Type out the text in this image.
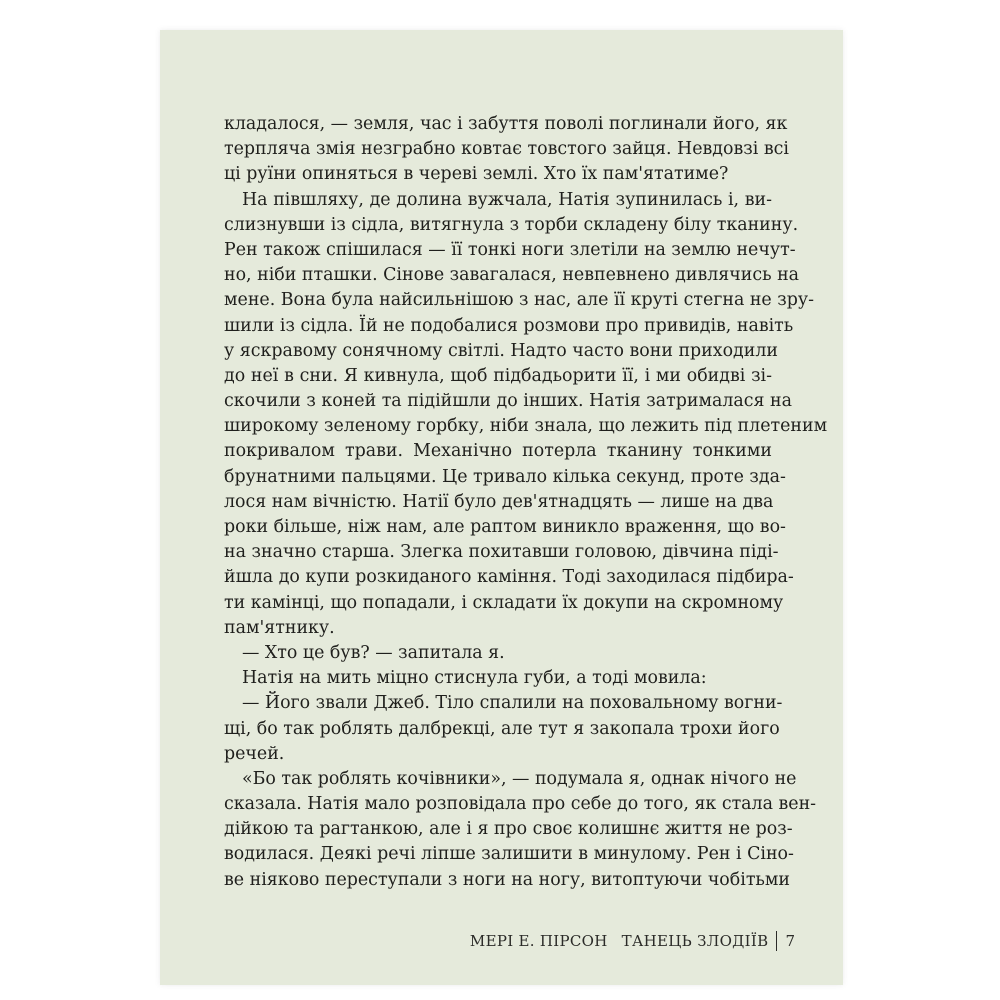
кладалося, — земля, час і забуття поволі поглинали його, як
терпляча змія незграбно ковтає товстого зайця. Невдовзі всі
ці руїни опиняться в череві землі. Хто їх пам'ятатиме?
На півшляху, де долина вужчала, Натія зупинилась і, ви-
слизнувши із сідла, витягнула з торби складену білу тканину.
Рен також спішилася — її тонкі ноги злетіли на землю нечут-
но, ніби пташки. Сінове завагалася, невпевнено дивлячись на
мене. Вона була найсильнішою з нас, але її круті стегна не зру-
шили із сідла. Їй не подобалися розмови про привидів, навіть
у яскравому сонячному світлі. Надто часто вони приходили
до неї в сни. Я кивнула, щоб підбадьорити її, і ми обидві зі-
скочили з коней та підійшли до інших. Натія затрималася на
широкому зеленому горбку, ніби знала, що лежить під плетеним
покривалом трави. Механічно потерла тканину тонкими
брунатними пальцями. Це тривало кілька секунд, проте зда-
лося нам вічністю. Натії було дев'ятнадцять — лише на два
роки більше, ніж нам, але раптом виникло враження, що во-
на значно старша. Злегка похитавши головою, дівчина піді-
йшла до купи розкиданого каміння. Тоді заходилася підбира-
ти камінці, що попадали, і складати їх докупи на скромному
пам'ятнику.
— Хто це був? — запитала я.
Натія на мить міцно стиснула губи, а тоді мовила:
— Його звали Джеб. Тіло спалили на поховальному вогни-
щі, бо так роблять далбрекці, але тут я закопала трохи його
речей.
«Бо так роблять кочівники», — подумала я, однак нічого не
сказала. Натія мало розповідала про себе до того, як стала вен-
дійкою та рагтанкою, але і я про своє колишнє життя не роз-
водилася. Деякі речі ліпше залишити в минулому. Рен і Сіно-
ве ніяково переступали з ноги на ногу, витоптуючи чобітьми
МЕРІ Е. ПІРСОН ТАНЕЦЬ ЗЛОДІЇВ 7
